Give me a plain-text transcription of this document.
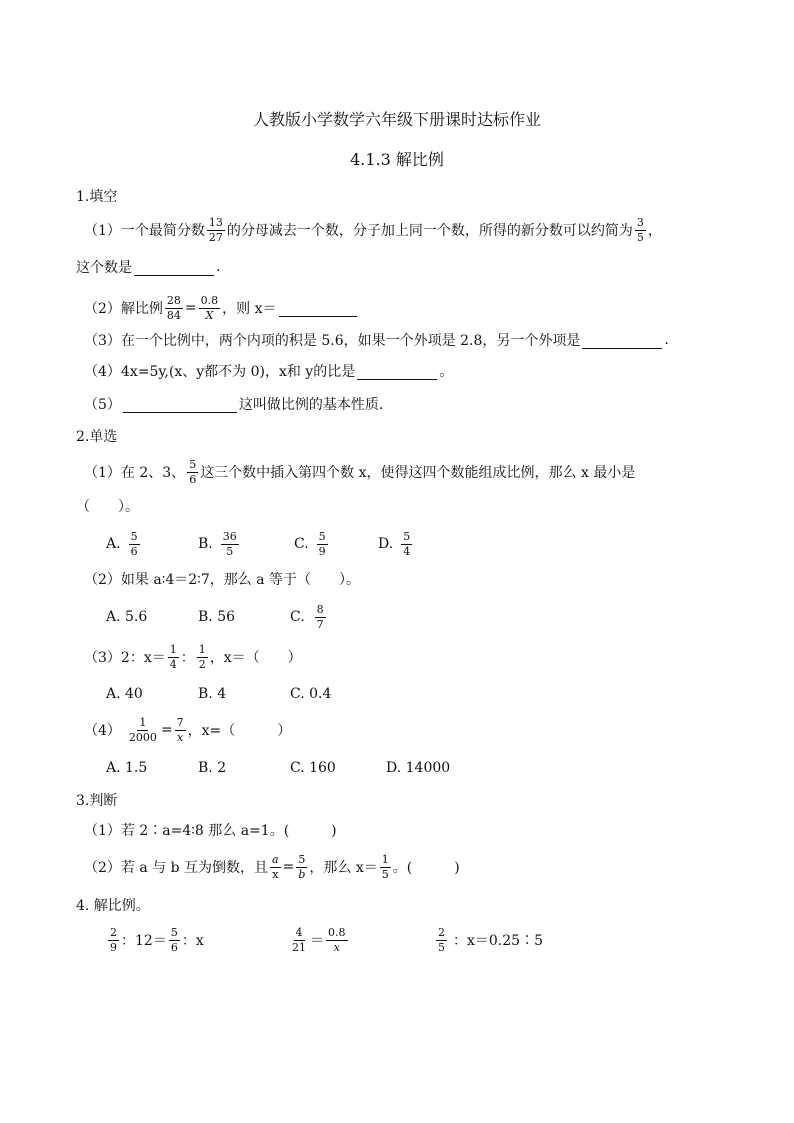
人教版小学数学六年级下册课时达标作业
4.1.3 解比例
1.填空
（1） 一个最简分数 $\frac{13}{27}$ 的分母减去一个数，分子加上同一个数，所得的新分数可以约简为 $\frac{3}{5}$ ，
这个数是	.
（2） 解比例 $\frac{28}{84} = \frac{0.8}{X}$ ，则 x＝
（3） 在一个比例中，两个内项的积是 5.6，如果一个外项是 2.8，另一个外项是	.
（4） 4x=5y,(x、y都不为 0)，x和 y的比是	。
（5）	这叫做比例的基本性质.
2.单选
（1） 在 2、3、 $\frac{5}{6}$ 这三个数中插入第四个数 x，使得这四个数能组成比例，那么 x 最小是
（　　）。
A. $\frac{5}{6}$	B. $\frac{36}{5}$	C. $\frac{5}{9}$	D. $\frac{5}{4}$
（2） 如果 a∶4＝2∶7，那么 a 等于（　　）。
A. 5.6	B. 56	C. $\frac{8}{7}$
（3） 2：$x= \frac{1}{4}$ ： $\frac{1}{2}$ ，x＝（　　）
A. 40	B. 4	C. 0.4
$(4) \frac{1}{2000} = \frac{7}{x}$ ，x=（　　　）
A. 1.5	B. 2	C. 160	D. 14000
3.判断
（1） 若 2∶a=4∶8 那么 a=1。(　　　)
（2） 若 a 与 b 互为倒数，且 $\frac{a}{x} = \frac{5}{b}$ ，那么 $x= \frac{1}{5}$ 。(　　　)
4. 解比例。
$\frac{2}{9}$ ：$12= \frac{5}{6}$ ：x	$\frac{4}{21} = \frac{0.8}{x}$	$\frac{2}{5}$ ：x＝0.25∶5
